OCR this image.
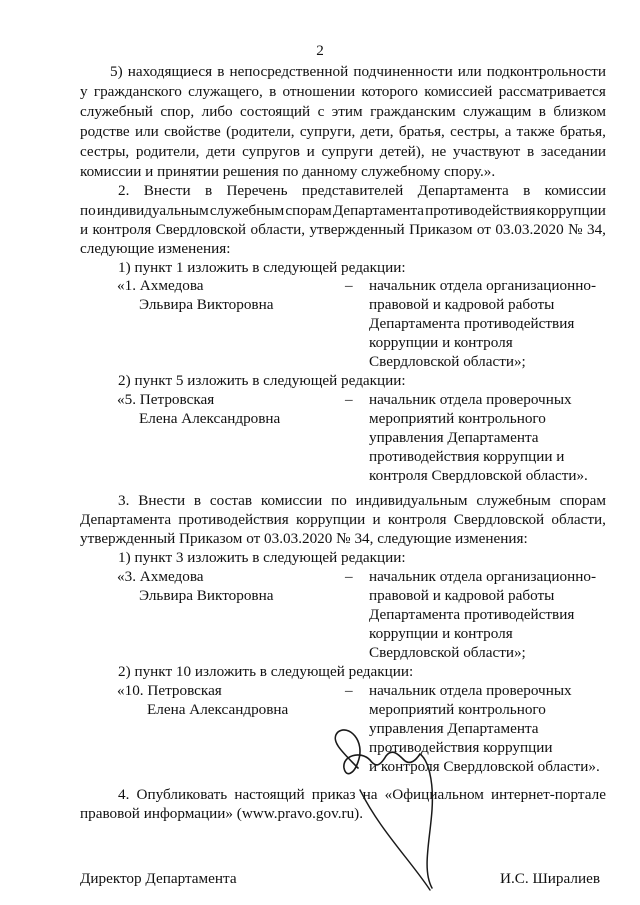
2
5) находящиеся в непосредственной подчиненности или подконтрольности
у гражданского служащего, в отношении которого комиссией рассматривается
служебный спор, либо состоящий с этим гражданским служащим в близком
родстве или свойстве (родители, супруги, дети, братья, сестры, а также братья,
сестры, родители, дети супругов и супруги детей), не участвуют в заседании
комиссии и принятии решения по данному служебному спору.».
2. Внести в Перечень представителей Департамента в комиссии
по индивидуальным служебным спорам Департамента противодействия коррупции
и контроля Свердловской области, утвержденный Приказом от 03.03.2020 № 34,
следующие изменения:
1) пункт 1 изложить в следующей редакции:
«1. Ахмедова
Эльвира Викторовна
– начальник отдела организационно-
правовой и кадровой работы
Департамента противодействия
коррупции и контроля
Свердловской области»;
2) пункт 5 изложить в следующей редакции:
«5. Петровская
Елена Александровна
– начальник отдела проверочных
мероприятий контрольного
управления Департамента
противодействия коррупции и
контроля Свердловской области».
3. Внести в состав комиссии по индивидуальным служебным спорам
Департамента противодействия коррупции и контроля Свердловской области,
утвержденный Приказом от 03.03.2020 № 34, следующие изменения:
1) пункт 3 изложить в следующей редакции:
«3. Ахмедова
Эльвира Викторовна
– начальник отдела организационно-
правовой и кадровой работы
Департамента противодействия
коррупции и контроля
Свердловской области»;
2) пункт 10 изложить в следующей редакции:
«10. Петровская
Елена Александровна
– начальник отдела проверочных
мероприятий контрольного
управления Департамента
противодействия коррупции
и контроля Свердловской области».
4. Опубликовать настоящий приказ на «Официальном интернет-портале
правовой информации» (www.pravo.gov.ru).
Директор Департамента	И.С. Ширалиев
